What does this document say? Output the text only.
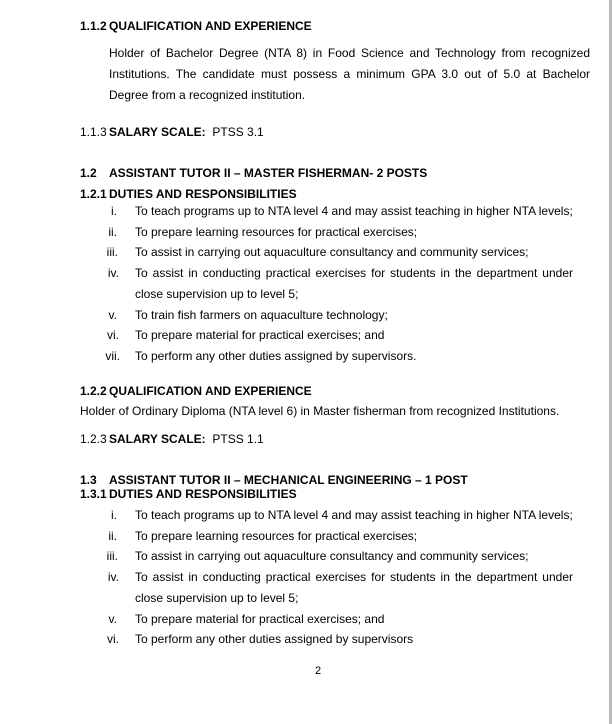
1.1.2 QUALIFICATION AND EXPERIENCE
Holder of Bachelor Degree (NTA 8) in Food Science and Technology from recognized
Institutions. The candidate must possess a minimum GPA 3.0 out of 5.0 at Bachelor
Degree from a recognized institution.
1.1.3 SALARY SCALE: PTSS 3.1
1.2 ASSISTANT TUTOR II – MASTER FISHERMAN- 2 POSTS
1.2.1 DUTIES AND RESPONSIBILITIES
i. To teach programs up to NTA level 4 and may assist teaching in higher NTA levels;
ii. To prepare learning resources for practical exercises;
iii. To assist in carrying out aquaculture consultancy and community services;
iv. To assist in conducting practical exercises for students in the department under
close supervision up to level 5;
v. To train fish farmers on aquaculture technology;
vi. To prepare material for practical exercises; and
vii. To perform any other duties assigned by supervisors.
1.2.2 QUALIFICATION AND EXPERIENCE
Holder of Ordinary Diploma (NTA level 6) in Master fisherman from recognized Institutions.
1.2.3 SALARY SCALE: PTSS 1.1
1.3 ASSISTANT TUTOR II – MECHANICAL ENGINEERING – 1 POST
1.3.1 DUTIES AND RESPONSIBILITIES
i. To teach programs up to NTA level 4 and may assist teaching in higher NTA levels;
ii. To prepare learning resources for practical exercises;
iii. To assist in carrying out aquaculture consultancy and community services;
iv. To assist in conducting practical exercises for students in the department under
close supervision up to level 5;
v. To prepare material for practical exercises; and
vi. To perform any other duties assigned by supervisors
2
